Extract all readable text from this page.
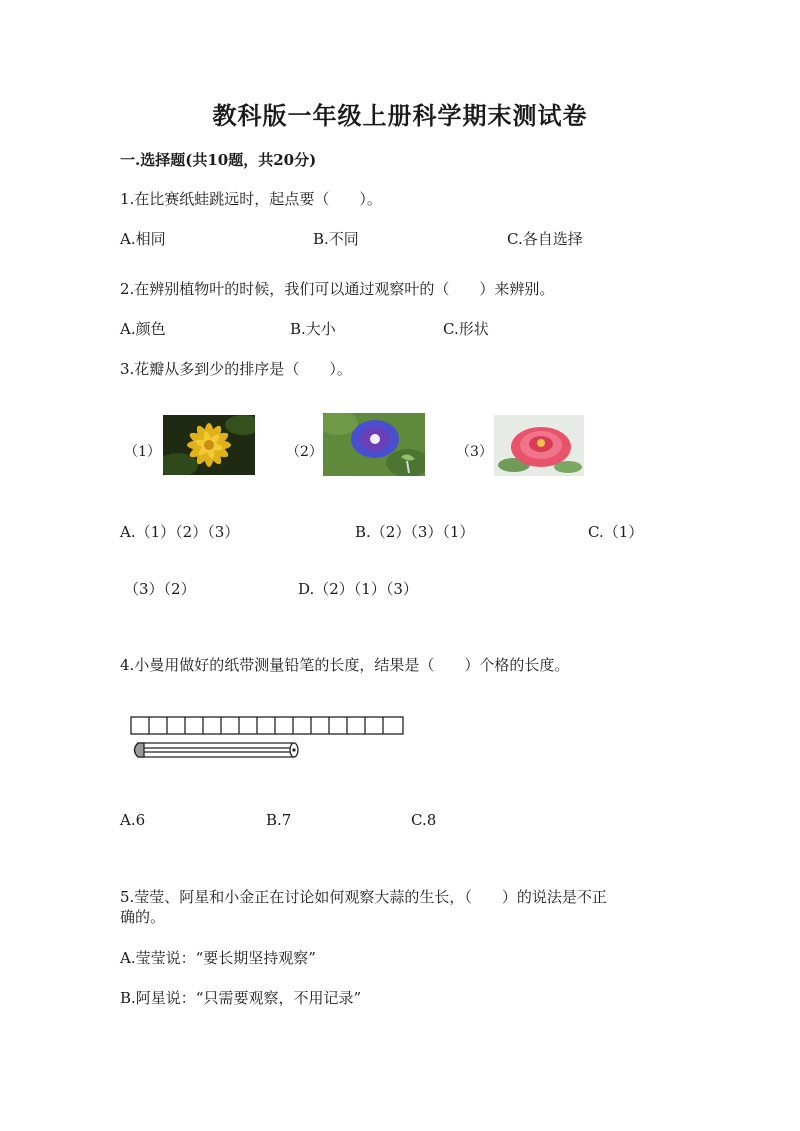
教科版一年级上册科学期末测试卷
一.选择题(共10题，共20分)
1.在比赛纸蛙跳远时，起点要（　　）。
A.相同	B.不同	C.各自选择
2.在辨别植物叶的时候，我们可以通过观察叶的（　　）来辨别。
A.颜色	B.大小	C.形状
3.花瓣从多到少的排序是（　　）。
（1）	（2）	（3）
A.（1）（2）（3）	B.（2）（3）（1）	C.（1）
（3）（2）	D.（2）（1）（3）
4.小曼用做好的纸带测量铅笔的长度，结果是（　　）个格的长度。
A.6	B.7	C.8
5.莹莹、阿星和小金正在讨论如何观察大蒜的生长，（　　）的说法是不正
确的。
A.莹莹说：“要长期坚持观察”
B.阿星说：“只需要观察，不用记录”
